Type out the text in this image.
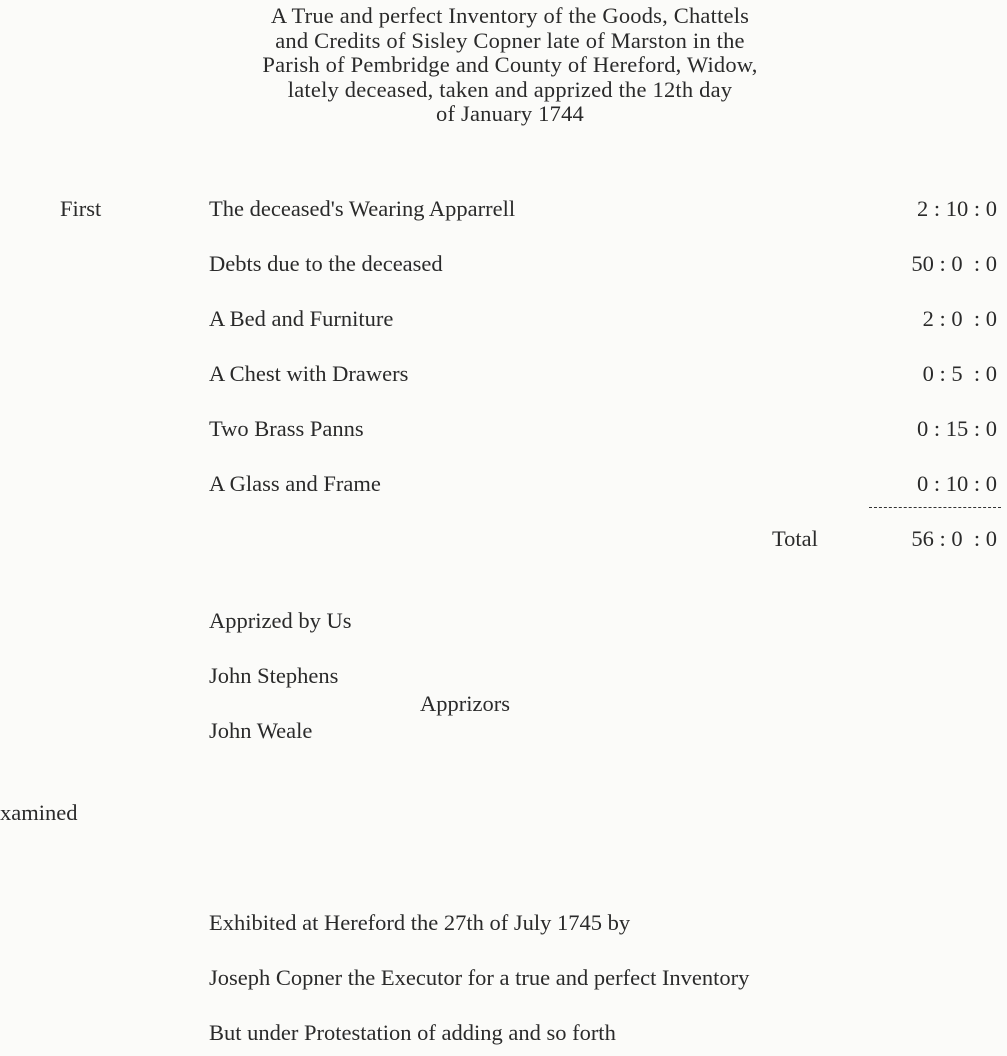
A True and perfect Inventory of the Goods, Chattels
and Credits of Sisley Copner late of Marston in the
Parish of Pembridge and County of Hereford, Widow,
lately deceased, taken and apprized the 12th day
of January 1744
First	The deceased's Wearing Apparrell	2 : 10 : 0
Debts due to the deceased	50 : 0  : 0
A Bed and Furniture	2 : 0  : 0
A Chest with Drawers	0 : 5  : 0
Two Brass Panns	0 : 15 : 0
A Glass and Frame	0 : 10 : 0
Total	56 : 0  : 0
Apprized by Us
John Stephens
Apprizors
John Weale
xamined
Exhibited at Hereford the 27th of July 1745 by
Joseph Copner the Executor for a true and perfect Inventory
But under Protestation of adding and so forth
